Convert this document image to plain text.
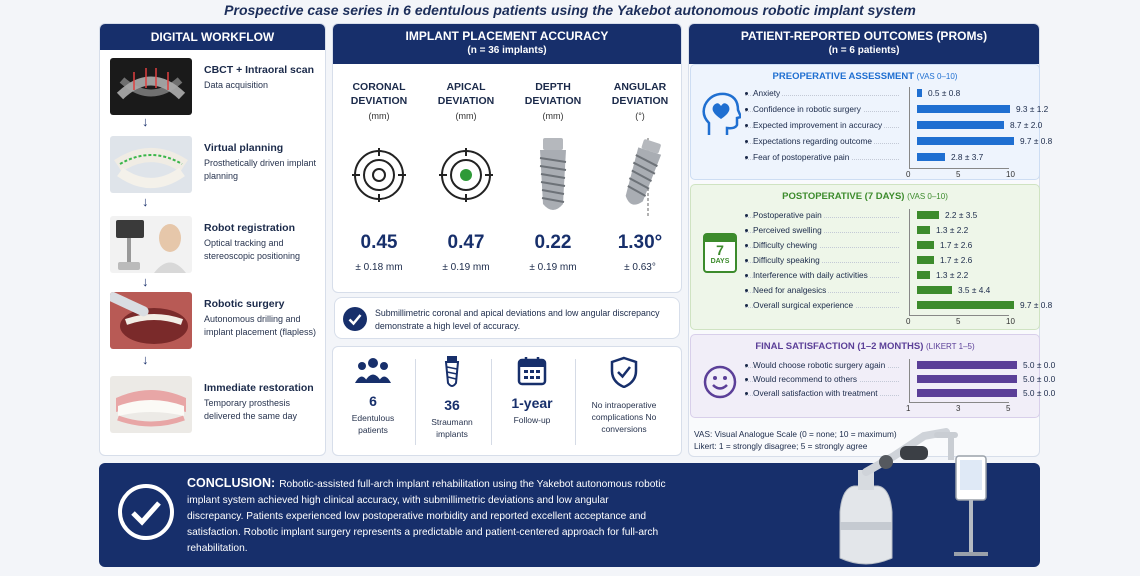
Prospective case series in 6 edentulous patients using the Yakebot autonomous robotic implant system
DIGITAL WORKFLOW
CBCT + Intraoral scan
Data acquisition
↓
Virtual planning
Prosthetically driven implant planning
↓
Robot registration
Optical tracking and stereoscopic positioning
↓
Robotic surgery
Autonomous drilling and implant placement (flapless)
↓
Immediate restoration
Temporary prosthesis delivered the same day
IMPLANT PLACEMENT ACCURACY
(n = 36 implants)
CORONAL
DEVIATION
(mm)
APICAL
DEVIATION
(mm)
DEPTH
DEVIATION
(mm)
ANGULAR
DEVIATION
(°)
0.45	0.47	0.22	1.30°
± 0.18 mm	± 0.19 mm	± 0.19 mm	± 0.63°
Submillimetric coronal and apical deviations and low angular discrepancy demonstrate a high level of accuracy.
6
Edentulous patients
36
Straumann implants
1-year
Follow-up
No intraoperative complications No conversions
PATIENT-REPORTED OUTCOMES (PROMs)
(n = 6 patients)
PREOPERATIVE ASSESSMENT (VAS 0–10)
Anxiety	0.5 ± 0.8
Confidence in robotic surgery	9.3 ± 1.2
Expected improvement in accuracy	8.7 ± 2.0
Expectations regarding outcome	9.7 ± 0.8
Fear of postoperative pain	2.8 ± 3.7
0	5	10
POSTOPERATIVE (7 DAYS) (VAS 0–10)
7
DAYS
Postoperative pain	2.2 ± 3.5
Perceived swelling	1.3 ± 2.2
Difficulty chewing	1.7 ± 2.6
Difficulty speaking	1.7 ± 2.6
Interference with daily activities	1.3 ± 2.2
Need for analgesics	3.5 ± 4.4
Overall surgical experience	9.7 ± 0.8
0	5	10
FINAL SATISFACTION (1–2 MONTHS) (LIKERT 1–5)
Would choose robotic surgery again	5.0 ± 0.0
Would recommend to others	5.0 ± 0.0
Overall satisfaction with treatment	5.0 ± 0.0
1	3	5
VAS: Visual Analogue Scale (0 = none; 10 = maximum)
Likert: 1 = strongly disagree; 5 = strongly agree
CONCLUSION: Robotic-assisted full-arch implant rehabilitation using the Yakebot autonomous robotic implant system achieved high clinical accuracy, with submillimetric deviations and low angular discrepancy. Patients experienced low postoperative morbidity and reported excellent acceptance and satisfaction. Robotic implant surgery represents a predictable and patient-centered approach for full-arch rehabilitation.
